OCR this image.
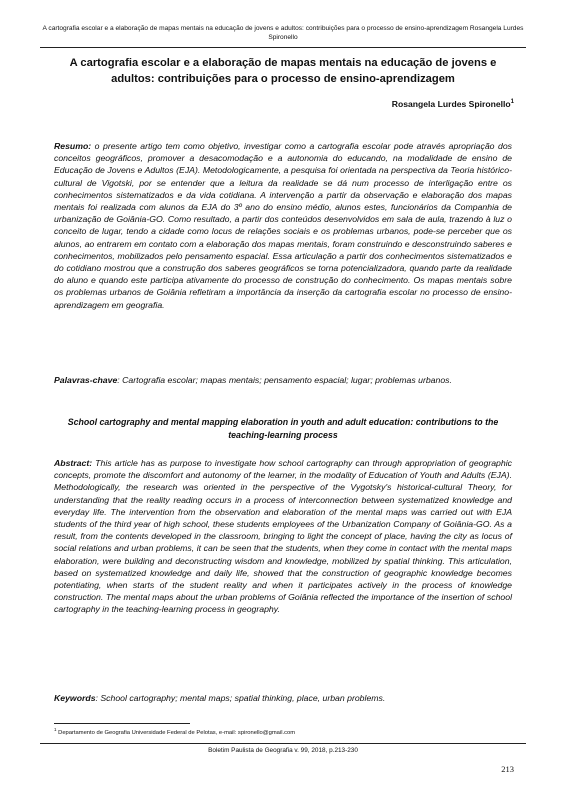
A cartografia escolar e a elaboração de mapas mentais na educação de jovens e adultos: contribuições para o processo de ensino-aprendizagem Rosangela Lurdes Spironello
A cartografia escolar e a elaboração de mapas mentais na educação de jovens e adultos: contribuições para o processo de ensino-aprendizagem
Rosangela Lurdes Spironello$^1$
Resumo: o presente artigo tem como objetivo, investigar como a cartografia escolar pode através apropriação dos conceitos geográficos, promover a desacomodação e a autonomia do educando, na modalidade de ensino de Educação de Jovens e Adultos (EJA). Metodologicamente, a pesquisa foi orientada na perspectiva da Teoria histórico-cultural de Vigotski, por se entender que a leitura da realidade se dá num processo de interligação entre os conhecimentos sistematizados e da vida cotidiana. A intervenção a partir da observação e elaboração dos mapas mentais foi realizada com alunos da EJA do 3º ano do ensino médio, alunos estes, funcionários da Companhia de urbanização de Goiânia-GO. Como resultado, a partir dos conteúdos desenvolvidos em sala de aula, trazendo à luz o conceito de lugar, tendo a cidade como locus de relações sociais e os problemas urbanos, pode-se perceber que os alunos, ao entrarem em contato com a elaboração dos mapas mentais, foram construindo e desconstruindo saberes e conhecimentos, mobilizados pelo pensamento espacial. Essa articulação a partir dos conhecimentos sistematizados e do cotidiano mostrou que a construção dos saberes geográficos se torna potencializadora, quando parte da realidade do aluno e quando este participa ativamente do processo de construção do conhecimento. Os mapas mentais sobre os problemas urbanos de Goiânia refletiram a importância da inserção da cartografia escolar no processo de ensino-aprendizagem em geografia.
Palavras-chave: Cartografia escolar; mapas mentais; pensamento espacial; lugar; problemas urbanos.
School cartography and mental mapping elaboration in youth and adult education: contributions to the teaching-learning process
Abstract: This article has as purpose to investigate how school cartography can through appropriation of geographic concepts, promote the discomfort and autonomy of the learner, in the modality of Education of Youth and Adults (EJA). Methodologically, the research was oriented in the perspective of the Vygotsky's historical-cultural Theory, for understanding that the reality reading occurs in a process of interconnection between systematized knowledge and everyday life. The intervention from the observation and elaboration of the mental maps was carried out with EJA students of the third year of high school, these students employees of the Urbanization Company of Goiânia-GO. As a result, from the contents developed in the classroom, bringing to light the concept of place, having the city as locus of social relations and urban problems, it can be seen that the students, when they come in contact with the mental maps elaboration, were building and deconstructing wisdom and knowledge, mobilized by spatial thinking. This articulation, based on systematized knowledge and daily life, showed that the construction of geographic knowledge becomes potentiating, when starts of the student reality and when it participates actively in the process of knowledge construction. The mental maps about the urban problems of Goiânia reflected the importance of the insertion of school cartography in the teaching-learning process in geography.
Keywords: School cartography; mental maps; spatial thinking, place, urban problems.
$^1$ Departamento de Geografia Universidade Federal de Pelotas, e-mail: spironello@gmail.com
Boletim Paulista de Geografia v. 99, 2018, p.213-230
213
